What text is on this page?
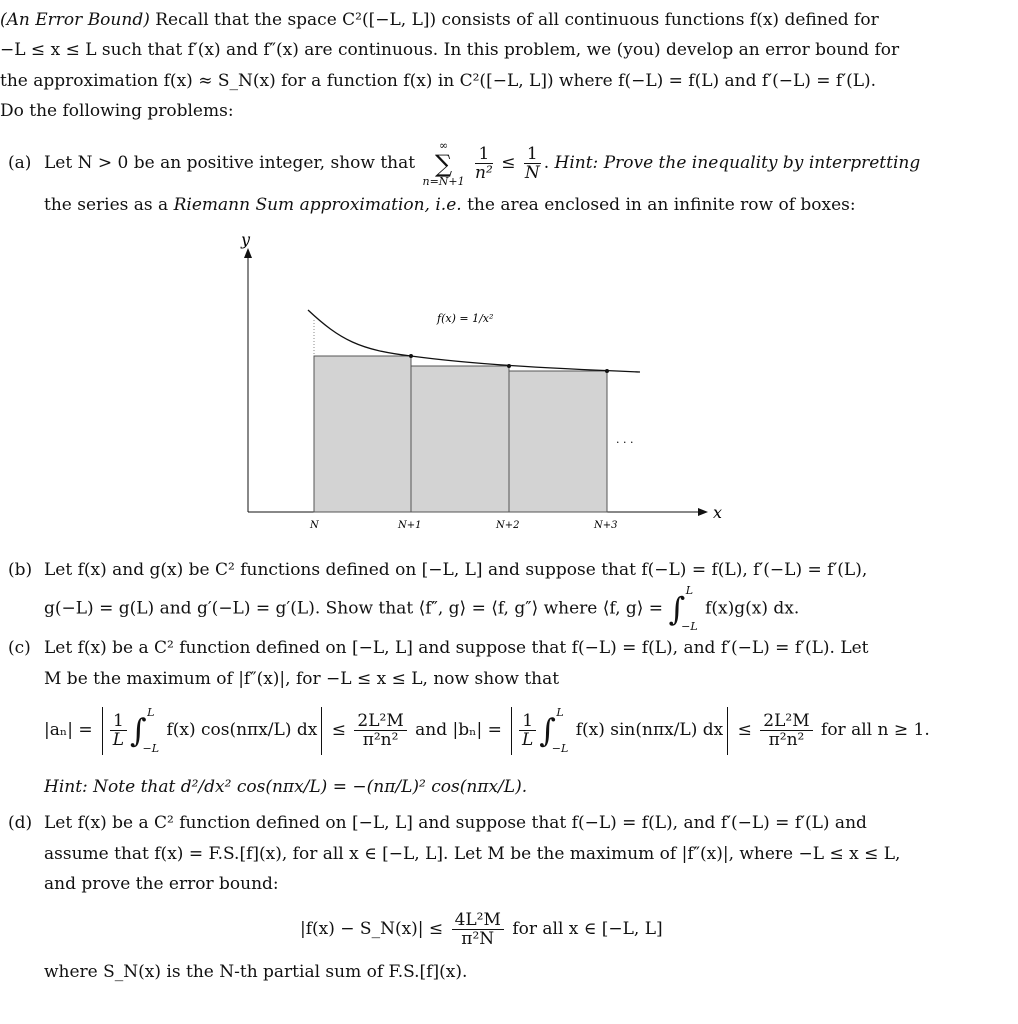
(An Error Bound) Recall that the space C²([−L, L]) consists of all continuous functions f(x) defined for
−L ≤ x ≤ L such that f′(x) and f″(x) are continuous. In this problem, we (you) develop an error bound for
the approximation f(x) ≈ S_N(x) for a function f(x) in C²([−L, L]) where f(−L) = f(L) and f′(−L) = f′(L).
Do the following problems:
(a) Let N > 0 be an positive integer, show that
∞
∑
n=N+1
$\frac{1}{\text{n²}} \le \frac{1}{N}$ . Hint: Prove the inequality by interpretting
the series as a Riemann Sum approximation, i.e. the area enclosed in an infinite row of boxes:
y
x
f(x) = 1/x²
· · ·
N	N+1	N+2	N+3
(b) Let f(x) and g(x) be C² functions defined on [−L, L] and suppose that f(−L) = f(L), f′(−L) = f′(L),
g(−L) = g(L) and g′(−L) = g′(L). Show that ⟨f″, g⟩ = ⟨f, g″⟩ where ⟨f, g⟩ = ∫ L

−L
f(x)g(x) dx.
(c) Let f(x) be a C² function defined on [−L, L] and suppose that f(−L) = f(L), and f′(−L) = f′(L). Let
M be the maximum of |f″(x)|, for −L ≤ x ≤ L, now show that
$|a_n| = \frac{1}{L}$ ∫ L

−L
f(x) cos(nπx/L) dx ≤ $\frac{\text{2L²M}}{\text{π²n²}}$ and $|b_n| = \frac{1}{L}$ ∫ L

−L
f(x) sin(nπx/L) dx ≤ $\frac{\text{2L²M}}{\text{π²n²}}$ for all n ≥ 1.
Hint: Note that d²/dx² cos(nπx/L) = −(nπ/L)² cos(nπx/L).
(d) Let f(x) be a C² function defined on [−L, L] and suppose that f(−L) = f(L), and f′(−L) = f′(L) and
assume that f(x) = F.S.[f](x), for all x ∈ [−L, L]. Let M be the maximum of |f″(x)|, where −L ≤ x ≤ L,
and prove the error bound:
|f(x) − S_N(x)| ≤ $\frac{\text{4L²M}}{\text{π²N}}$ for all x ∈ [−L, L]
where S_N(x) is the N-th partial sum of F.S.[f](x).
